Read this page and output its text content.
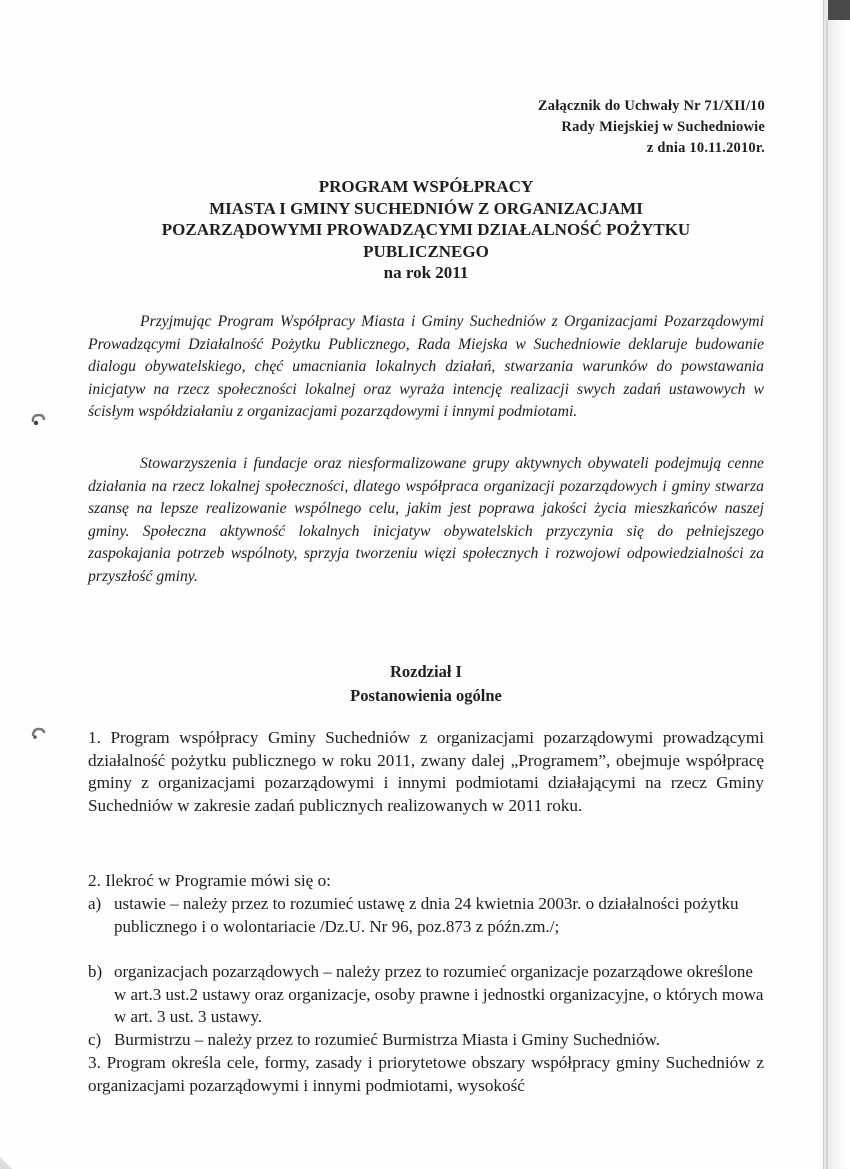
Załącznik do Uchwały Nr 71/XII/10
Rady Miejskiej w Suchedniowie
z dnia 10.11.2010r.
PROGRAM WSPÓŁPRACY
MIASTA I GMINY SUCHEDNIÓW Z ORGANIZACJAMI
POZARZĄDOWYMI PROWADZĄCYMI DZIAŁALNOŚĆ POŻYTKU
PUBLICZNEGO
na rok 2011
Przyjmując Program Współpracy Miasta i Gminy Suchedniów z Organizacjami Pozarządowymi Prowadzącymi Działalność Pożytku Publicznego, Rada Miejska w Suchedniowie deklaruje budowanie dialogu obywatelskiego, chęć umacniania lokalnych działań, stwarzania warunków do powstawania inicjatyw na rzecz społeczności lokalnej oraz wyraża intencję realizacji swych zadań ustawowych w ścisłym współdziałaniu z organizacjami pozarządowymi i innymi podmiotami.
Stowarzyszenia i fundacje oraz niesformalizowane grupy aktywnych obywateli podejmują cenne działania na rzecz lokalnej społeczności, dlatego współpraca organizacji pozarządowych i gminy stwarza szansę na lepsze realizowanie wspólnego celu, jakim jest poprawa jakości życia mieszkańców naszej gminy. Społeczna aktywność lokalnych inicjatyw obywatelskich przyczynia się do pełniejszego zaspokajania potrzeb wspólnoty, sprzyja tworzeniu więzi społecznych i rozwojowi odpowiedzialności za przyszłość gminy.
Rozdział I
Postanowienia ogólne
1. Program współpracy Gminy Suchedniów z organizacjami pozarządowymi prowadzącymi działalność pożytku publicznego w roku 2011, zwany dalej „Programem”, obejmuje współpracę gminy z organizacjami pozarządowymi i innymi podmiotami działającymi na rzecz Gminy Suchedniów w zakresie zadań publicznych realizowanych w 2011 roku.
2. Ilekroć w Programie mówi się o:
a) ustawie – należy przez to rozumieć ustawę z dnia 24 kwietnia 2003r. o działalności pożytku publicznego i o wolontariacie /Dz.U. Nr 96, poz.873 z późn.zm./;
b) organizacjach pozarządowych – należy przez to rozumieć organizacje pozarządowe określone w art.3 ust.2 ustawy oraz organizacje, osoby prawne i jednostki organizacyjne, o których mowa w art. 3 ust. 3 ustawy.
c) Burmistrzu – należy przez to rozumieć Burmistrza Miasta i Gminy Suchedniów.
3. Program określa cele, formy, zasady i priorytetowe obszary współpracy gminy Suchedniów z organizacjami pozarządowymi i innymi podmiotami, wysokość
